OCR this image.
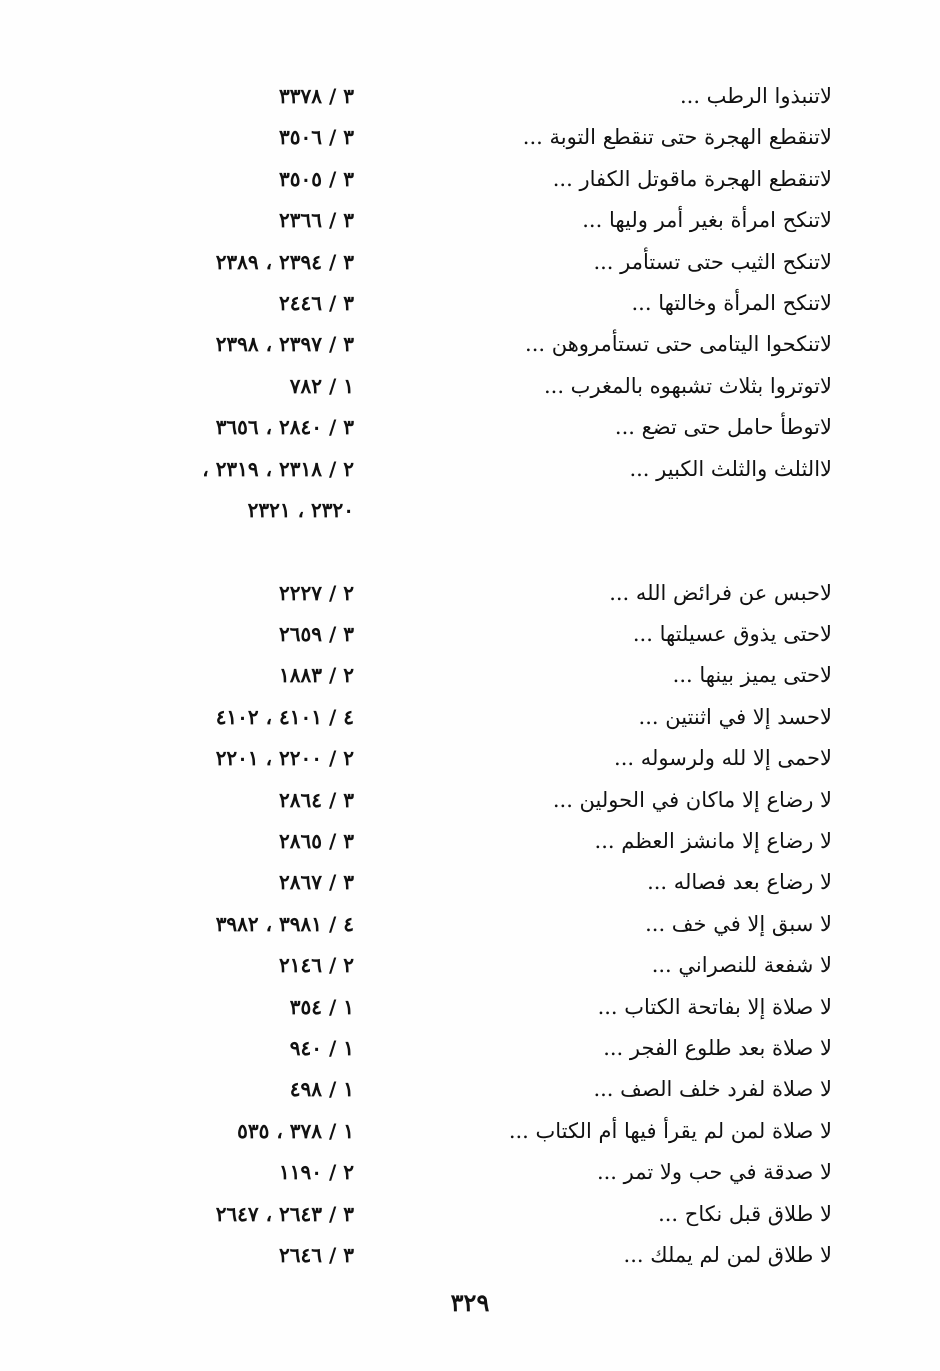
لاتنبذوا الرطب ...
٣ / ٣٣٧٨
لاتنقطع الهجرة حتى تنقطع التوبة ...
٣ / ٣٥٠٦
لاتنقطع الهجرة ماقوتل الكفار ...
٣ / ٣٥٠٥
لاتنكح امرأة بغير أمر وليها ...
٣ / ٢٣٦٦
لاتنكح الثيب حتى تستأمر ...
٣ / ٢٣٩٤ ، ٢٣٨٩
لاتنكح المرأة وخالتها ...
٣ / ٢٤٤٦
لاتنكحوا اليتامى حتى تستأمروهن ...
٣ / ٢٣٩٧ ، ٢٣٩٨
لاتوتروا بثلاث تشبهوه بالمغرب ...
١ / ٧٨٢
لاتوطأ حامل حتى تضع ...
٣ / ٢٨٤٠ ، ٣٦٥٦
لاالثلث والثلث الكبير ...
٢ / ٢٣١٨ ، ٢٣١٩ ،
٢٣٢٠ ، ٢٣٢١
لاحبس عن فرائض الله ...
٢ / ٢٢٢٧
لاحتى يذوق عسيلتها ...
٣ / ٢٦٥٩
لاحتى يميز بينها ...
٢ / ١٨٨٣
لاحسد إلا في اثنتين ...
٤ / ٤١٠١ ، ٤١٠٢
لاحمى إلا لله ولرسوله ...
٢ / ٢٢٠٠ ، ٢٢٠١
لا رضاع إلا ماكان في الحولين ...
٣ / ٢٨٦٤
لا رضاع إلا مانشز العظم ...
٣ / ٢٨٦٥
لا رضاع بعد فصاله ...
٣ / ٢٨٦٧
لا سبق إلا في خف ...
٤ / ٣٩٨١ ، ٣٩٨٢
لا شفعة للنصراني ...
٢ / ٢١٤٦
لا صلاة إلا بفاتحة الكتاب ...
١ / ٣٥٤
لا صلاة بعد طلوع الفجر ...
١ / ٩٤٠
لا صلاة لفرد خلف الصف ...
١ / ٤٩٨
لا صلاة لمن لم يقرأ فيها أم الكتاب ...
١ / ٣٧٨ ، ٥٣٥
لا صدقة في حب ولا تمر ...
٢ / ١١٩٠
لا طلاق قبل نكاح ...
٣ / ٢٦٤٣ ، ٢٦٤٧
لا طلاق لمن لم يملك ...
٣ / ٢٦٤٦
٣٢٩
